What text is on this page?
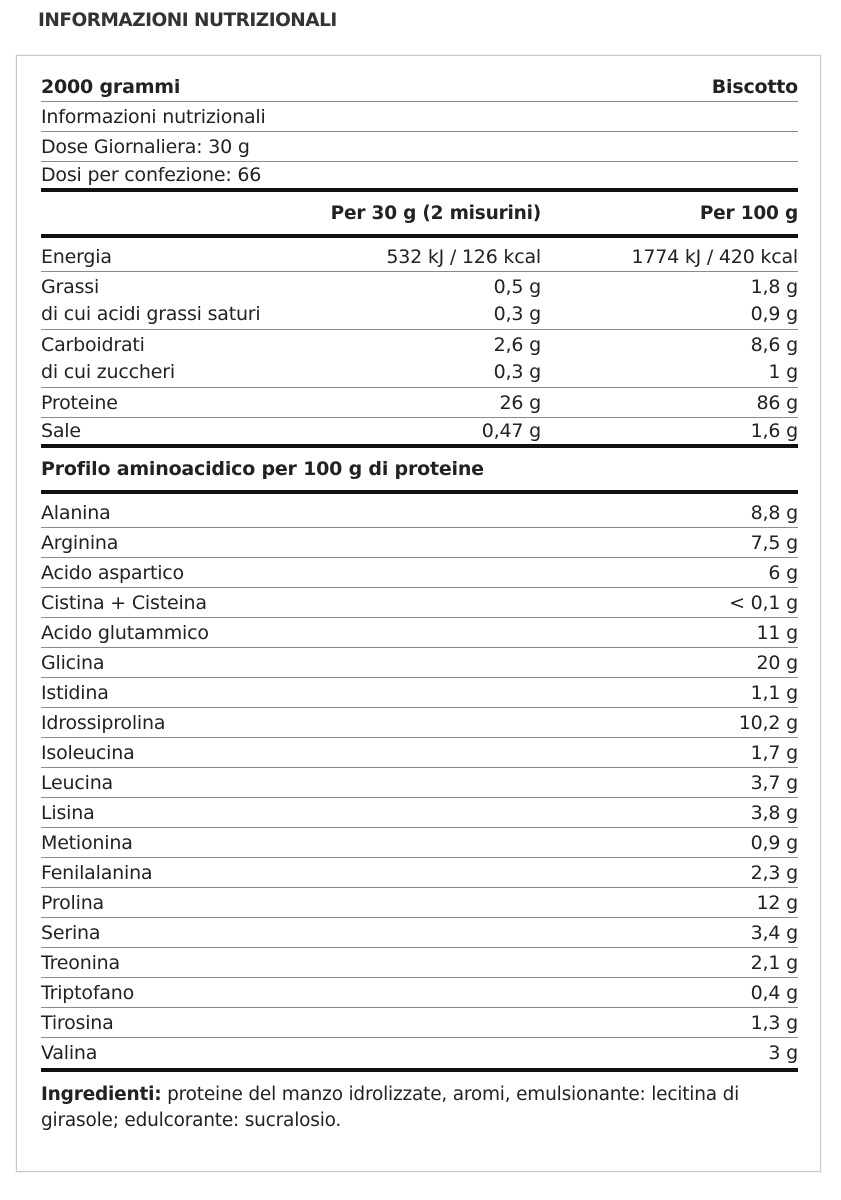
INFORMAZIONI NUTRIZIONALI
2000 grammi	Biscotto
Informazioni nutrizionali
Dose Giornaliera: 30 g
Dosi per confezione: 66
Per 30 g (2 misurini)	Per 100 g
Energia	532 kJ / 126 kcal	1774 kJ / 420 kcal
Grassi	0,5 g	1,8 g
di cui acidi grassi saturi	0,3 g	0,9 g
Carboidrati	2,6 g	8,6 g
di cui zuccheri	0,3 g	1 g
Proteine	26 g	86 g
Sale	0,47 g	1,6 g
Profilo aminoacidico per 100 g di proteine
Alanina	8,8 g
Arginina	7,5 g
Acido aspartico	6 g
Cistina + Cisteina	< 0,1 g
Acido glutammico	11 g
Glicina	20 g
Istidina	1,1 g
Idrossiprolina	10,2 g
Isoleucina	1,7 g
Leucina	3,7 g
Lisina	3,8 g
Metionina	0,9 g
Fenilalanina	2,3 g
Prolina	12 g
Serina	3,4 g
Treonina	2,1 g
Triptofano	0,4 g
Tirosina	1,3 g
Valina	3 g
Ingredienti: proteine del manzo idrolizzate, aromi, emulsionante: lecitina di girasole; edulcorante: sucralosio.
